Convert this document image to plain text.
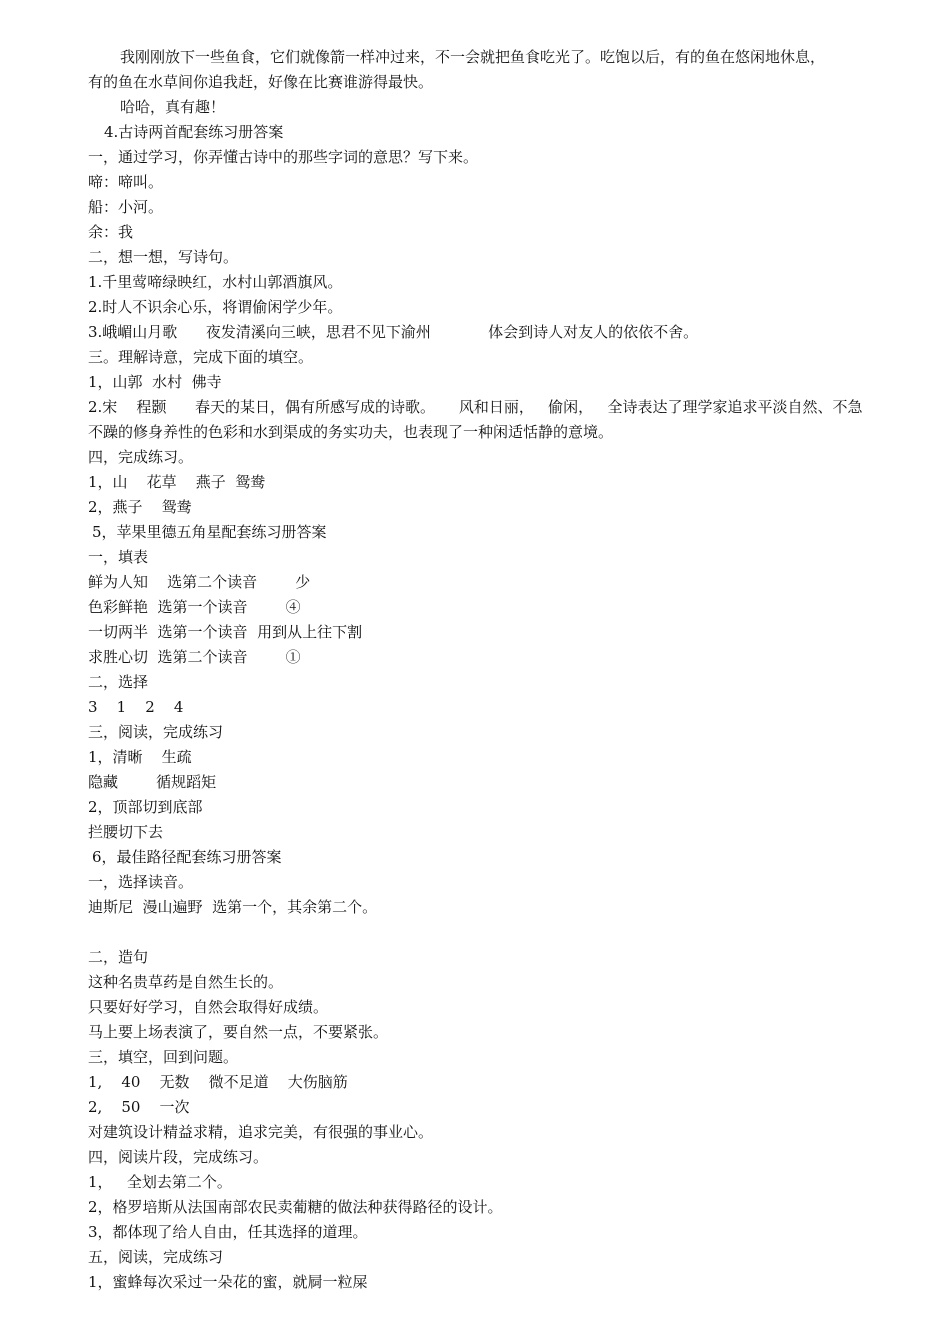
我刚刚放下一些鱼食，它们就像箭一样冲过来，不一会就把鱼食吃光了。吃饱以后，有的鱼在悠闲地休息，
有的鱼在水草间你追我赶，好像在比赛谁游得最快。
哈哈，真有趣！
4.古诗两首配套练习册答案
一，通过学习，你弄懂古诗中的那些字词的意思？写下来。
啼：啼叫。
船：小河。
余：我
二，想一想，写诗句。
1.千里莺啼绿映红，水村山郭酒旗风。
2.时人不识余心乐，将谓偷闲学少年。
3.峨嵋山月歌      夜发清溪向三峡，思君不见下渝州            体会到诗人对友人的依依不舍。
三。理解诗意，完成下面的填空。
1，山郭  水村  佛寺
2.宋    程颢      春天的某日，偶有所感写成的诗歌。     风和日丽，   偷闲，   全诗表达了理学家追求平淡自然、不急
不躁的修身养性的色彩和水到渠成的务实功夫，也表现了一种闲适恬静的意境。
四，完成练习。
1，山    花草    燕子  鸳鸯
2，燕子    鸳鸯
5，苹果里德五角星配套练习册答案
一，填表
鲜为人知    选第二个读音        少
色彩鲜艳  选第一个读音        ④
一切两半  选第一个读音  用到从上往下割
求胜心切  选第二个读音        ①
二，选择
3    1    2    4
三，阅读，完成练习
1，清晰    生疏
隐藏        循规蹈矩
2，顶部切到底部
拦腰切下去
6，最佳路径配套练习册答案
一，选择读音。
迪斯尼  漫山遍野  选第一个，其余第二个。
二，造句
这种名贵草药是自然生长的。
只要好好学习，自然会取得好成绩。
马上要上场表演了，要自然一点，不要紧张。
三，填空，回到问题。
1,    40    无数    微不足道    大伤脑筋
2,    50    一次
对建筑设计精益求精，追求完美，有很强的事业心。
四，阅读片段，完成练习。
1，   全划去第二个。
2，格罗培斯从法国南部农民卖葡糖的做法种获得路径的设计。
3，都体现了给人自由，任其选择的道理。
五，阅读，完成练习
1，蜜蜂每次采过一朵花的蜜，就屙一粒屎
